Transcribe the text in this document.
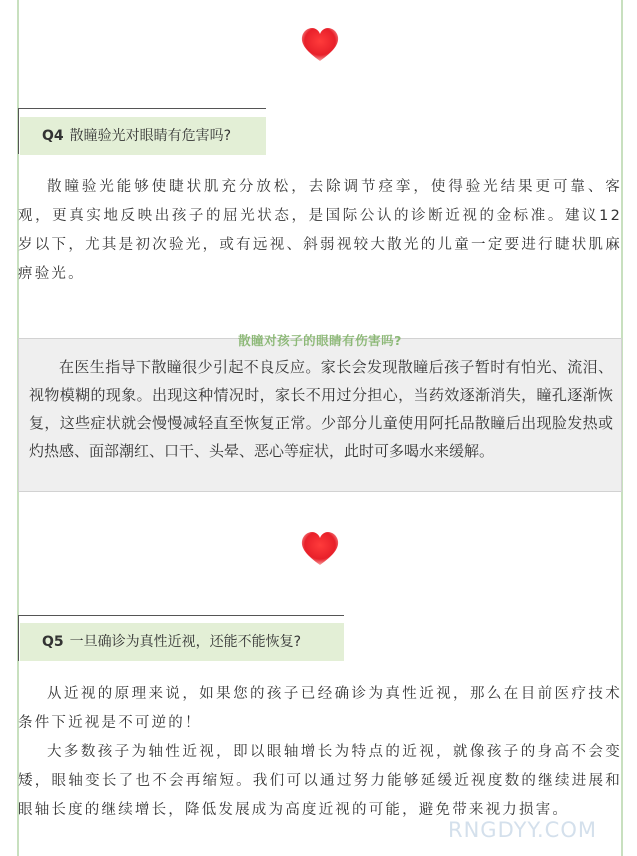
Q4 散瞳验光对眼睛有危害吗?
散瞳验光能够使睫状肌充分放松，去除调节痉挛，使得验光结果更可靠、客观，更真实地反映出孩子的屈光状态，是国际公认的诊断近视的金标准。建议12岁以下，尤其是初次验光，或有远视、斜弱视较大散光的儿童一定要进行睫状肌麻痹验光。
散瞳对孩子的眼睛有伤害吗?
在医生指导下散瞳很少引起不良反应。家长会发现散瞳后孩子暂时有怕光、流泪、视物模糊的现象。出现这种情况时，家长不用过分担心，当药效逐渐消失，瞳孔逐渐恢复，这些症状就会慢慢减轻直至恢复正常。少部分儿童使用阿托品散瞳后出现脸发热或灼热感、面部潮红、口干、头晕、恶心等症状，此时可多喝水来缓解。
Q5 一旦确诊为真性近视，还能不能恢复?
从近视的原理来说，如果您的孩子已经确诊为真性近视，那么在目前医疗技术条件下近视是不可逆的！
大多数孩子为轴性近视，即以眼轴增长为特点的近视，就像孩子的身高不会变矮，眼轴变长了也不会再缩短。我们可以通过努力能够延缓近视度数的继续进展和眼轴长度的继续增长，降低发展成为高度近视的可能，避免带来视力损害。
RNGDYY.COM
